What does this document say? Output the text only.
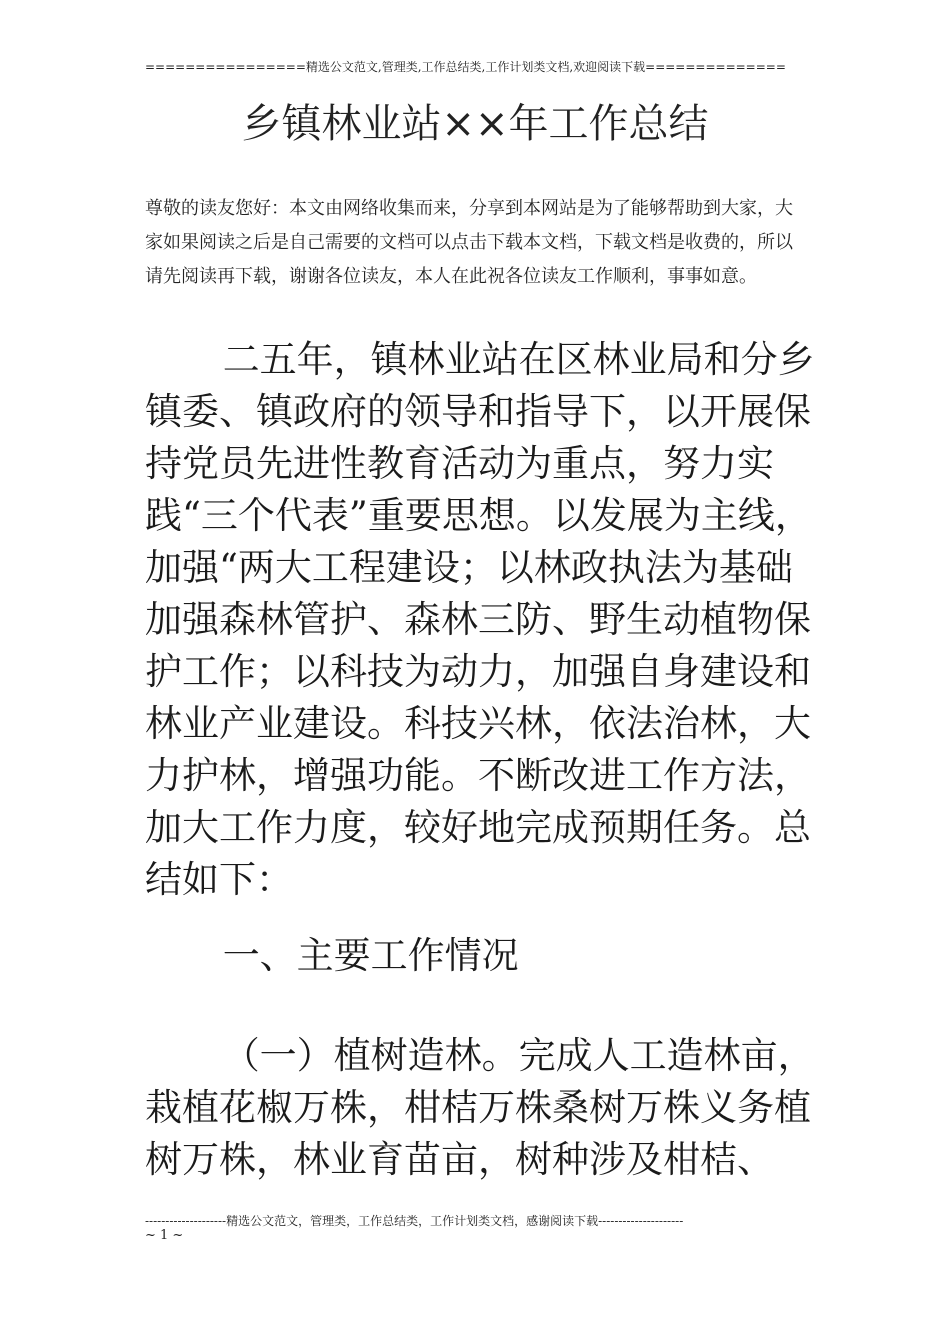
================精选公文范文,管理类,工作总结类,工作计划类文档,欢迎阅读下载==============
乡镇林业站××年工作总结
尊敬的读友您好：本文由网络收集而来，分享到本网站是为了能够帮助到大家，大家如果阅读之后是自己需要的文档可以点击下载本文档，下载文档是收费的，所以请先阅读再下载，谢谢各位读友，本人在此祝各位读友工作顺利，事事如意。
二五年，镇林业站在区林业局和分乡镇委、镇政府的领导和指导下，以开展保持党员先进性教育活动为重点，努力实践“三个代表”重要思想。以发展为主线，加强“两大工程建设；以林政执法为基础加强森林管护、森林三防、野生动植物保护工作；以科技为动力，加强自身建设和林业产业建设。科技兴林，依法治林，大力护林，增强功能。不断改进工作方法，加大工作力度，较好地完成预期任务。总结如下：
一、主要工作情况
（一）植树造林。完成人工造林亩，栽植花椒万株，柑桔万株桑树万株义务植树万株，林业育苗亩，树种涉及柑桔、
--------------------精选公文范文，管理类，工作总结类，工作计划类文档，感谢阅读下载---------------------
~ 1 ~
